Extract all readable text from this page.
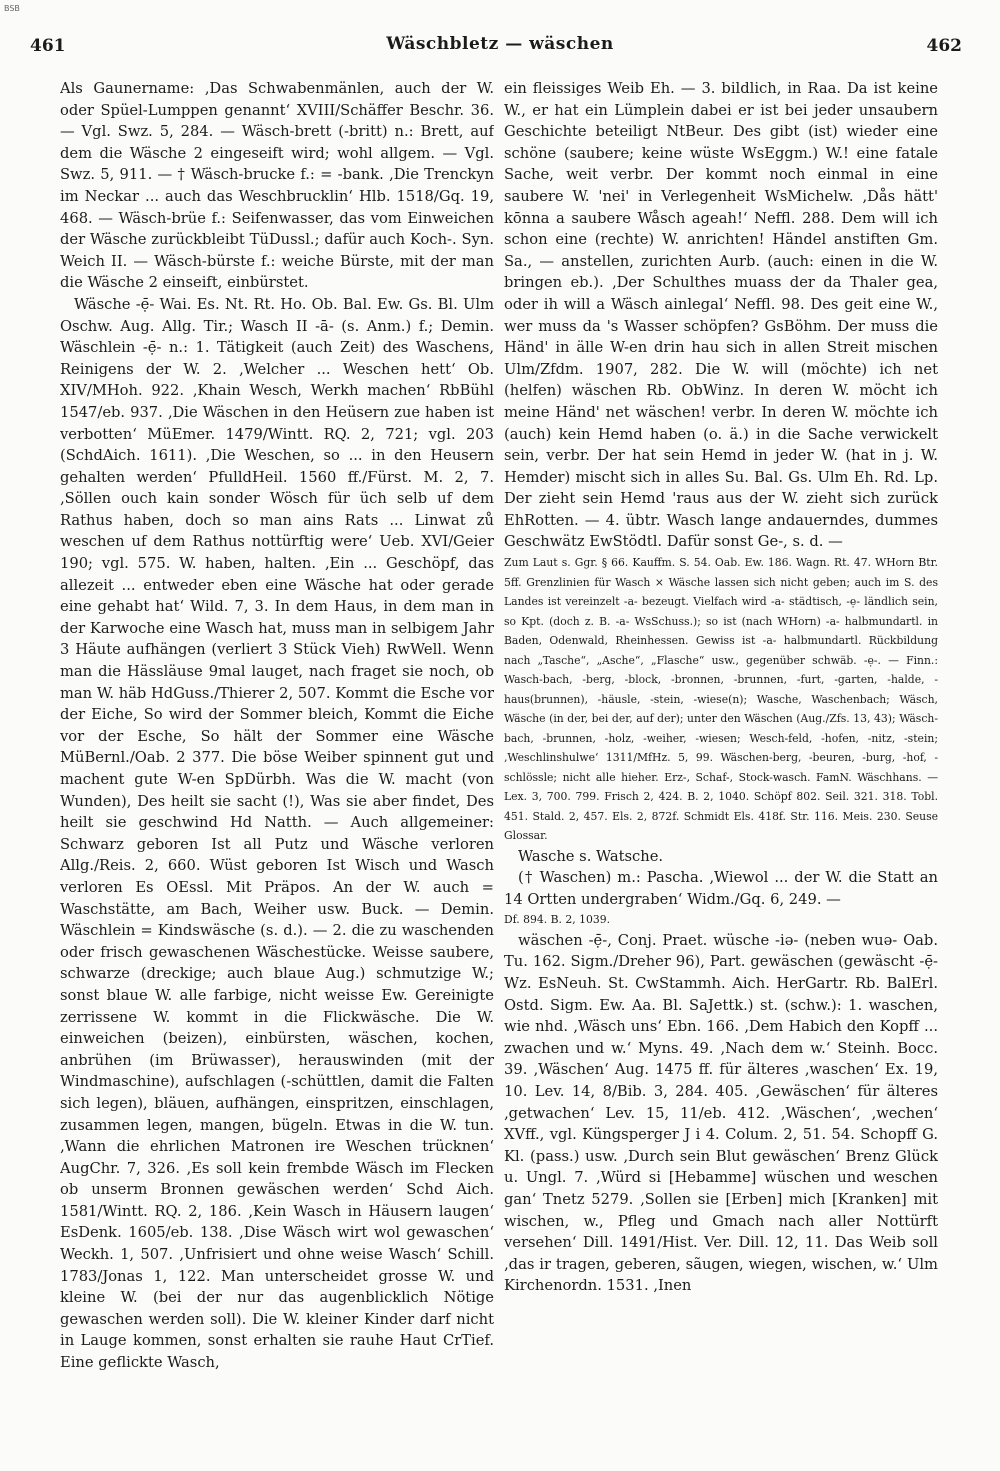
BSB
461	Wäschbletz — wäschen	462

Als Gaunername: ‚Das Schwabenmänlen, auch der W. oder Spüel-Lumppen genannt‘ XVIII/Schäffer Beschr. 36. — Vgl. Swz. 5, 284. — Wäsch-brett (-britt) n.: Brett, auf dem die Wäsche 2 eingeseift wird; wohl allgem. — Vgl. Swz. 5, 911. — † Wäsch-brucke f.: = -bank. ‚Die Trenckyn im Neckar ... auch das Weschbrucklin‘ Hlb. 1518/Gq. 19, 468. — Wäsch-brüe f.: Seifenwasser, das vom Einweichen der Wäsche zurückbleibt TüDussl.; dafür auch Koch-. Syn. Weich II. — Wäsch-bürste f.: weiche Bürste, mit der man die Wäsche 2 einseift, einbürstet.

Wäsche -ẹ̄- Wai. Es. Nt. Rt. Ho. Ob. Bal. Ew. Gs. Bl. Ulm Oschw. Aug. Allg. Tir.; Wasch II -ā- (s. Anm.) f.; Demin. Wäschlein -ẹ̄- n.: 1. Tätigkeit (auch Zeit) des Waschens, Reinigens der W. 2. ‚Welcher ... Weschen hett‘ Ob. XIV/MHoh. 922. ‚Khain Wesch, Werkh machen‘ RbBühl 1547/eb. 937. ‚Die Wäschen in den Heüsern zue haben ist verbotten‘ MüEmer. 1479/Wintt. RQ. 2, 721; vgl. 203 (SchdAich. 1611). ‚Die Weschen, so ... in den Heusern gehalten werden‘ PfulldHeil. 1560 ff./Fürst. M. 2, 7. ‚Söllen ouch kain sonder Wösch für üch selb uf dem Rathus haben, doch so man ains Rats ... Linwat zů weschen uf dem Rathus nottürftig were‘ Ueb. XVI/Geier 190; vgl. 575. W. haben, halten. ‚Ein ... Geschöpf, das allezeit ... entweder eben eine Wäsche hat oder gerade eine gehabt hat‘ Wild. 7, 3. In dem Haus, in dem man in der Karwoche eine Wasch hat, muss man in selbigem Jahr 3 Häute aufhängen (verliert 3 Stück Vieh) RwWell. Wenn man die Hässläuse 9mal lauget, nach fraget sie noch, ob man W. häb HdGuss./Thierer 2, 507. Kommt die Esche vor der Eiche, So wird der Sommer bleich, Kommt die Eiche vor der Esche, So hält der Sommer eine Wäsche MüBernl./Oab. 2 377. Die böse Weiber spinnent gut und machent gute W-en SpDürbh. Was die W. macht (von Wunden), Des heilt sie sacht (!), Was sie aber findet, Des heilt sie geschwind Hd Natth. — Auch allgemeiner: Schwarz geboren Ist all Putz und Wäsche verloren Allg./Reis. 2, 660. Wüst geboren Ist Wisch und Wasch verloren Es OEssl. Mit Präpos. An der W. auch = Waschstätte, am Bach, Weiher usw. Buck. — Demin. Wäschlein = Kindswäsche (s. d.). — 2. die zu waschenden oder frisch gewaschenen Wäschestücke. Weisse saubere, schwarze (dreckige; auch blaue Aug.) schmutzige W.; sonst blaue W. alle farbige, nicht weisse Ew. Gereinigte zerrissene W. kommt in die Flickwäsche. Die W. einweichen (beizen), einbürsten, wäschen, kochen, anbrühen (im Brüwasser), herauswinden (mit der Windmaschine), aufschlagen (-schüttlen, damit die Falten sich legen), bläuen, aufhängen, einspritzen, einschlagen, zusammen legen, mangen, bügeln. Etwas in die W. tun. ‚Wann die ehrlichen Matronen ire Weschen trücknen‘ AugChr. 7, 326. ‚Es soll kein frembde Wäsch im Flecken ob unserm Bronnen gewäschen werden‘ Schd Aich. 1581/Wintt. RQ. 2, 186. ‚Kein Wasch in Häusern laugen‘ EsDenk. 1605/eb. 138. ‚Dise Wäsch wirt wol gewaschen‘ Weckh. 1, 507. ‚Unfrisiert und ohne weise Wasch‘ Schill. 1783/Jonas 1, 122. Man unterscheidet grosse W. und kleine W. (bei der nur das augenblicklich Nötige gewaschen werden soll). Die W. kleiner Kinder darf nicht in Lauge kommen, sonst erhalten sie rauhe Haut CrTief. Eine geflickte Wasch,

ein fleissiges Weib Eh. — 3. bildlich, in Raa. Da ist keine W., er hat ein Lümplein dabei er ist bei jeder unsaubern Geschichte beteiligt NtBeur. Des gibt (ist) wieder eine schöne (saubere; keine wüste WsEggm.) W.! eine fatale Sache, weit verbr. Der kommt noch einmal in eine saubere W. 'nei' in Verlegenheit WsMichelw. ‚Dås hätt' kōnna a saubere Wåsch ageah!‘ Neffl. 288. Dem will ich schon eine (rechte) W. anrichten! Händel anstiften Gm. Sa., — anstellen, zurichten Aurb. (auch: einen in die W. bringen eb.). ‚Der Schulthes muass der da Thaler gea, oder ih will a Wäsch ainlegal‘ Neffl. 98. Des geit eine W., wer muss da 's Wasser schöpfen? GsBöhm. Der muss die Händ' in älle W-en drin hau sich in allen Streit mischen Ulm/Zfdm. 1907, 282. Die W. will (möchte) ich net (helfen) wäschen Rb. ObWinz. In deren W. möcht ich meine Händ' net wäschen! verbr. In deren W. möchte ich (auch) kein Hemd haben (o. ä.) in die Sache verwickelt sein, verbr. Der hat sein Hemd in jeder W. (hat in j. W. Hemder) mischt sich in alles Su. Bal. Gs. Ulm Eh. Rd. Lp. Der zieht sein Hemd 'raus aus der W. zieht sich zurück EhRotten. — 4. übtr. Wasch lange andauerndes, dummes Geschwätz EwStödtl. Dafür sonst Ge-, s. d. —

Zum Laut s. Ggr. § 66. Kauffm. S. 54. Oab. Ew. 186. Wagn. Rt. 47. WHorn Btr. 5ff. Grenzlinien für Wasch × Wäsche lassen sich nicht geben; auch im S. des Landes ist vereinzelt -a- bezeugt. Vielfach wird -a- städtisch, -ẹ- ländlich sein, so Kpt. (doch z. B. -a- WsSchuss.); so ist (nach WHorn) -a- halbmundartl. in Baden, Odenwald, Rheinhessen. Gewiss ist -a- halbmundartl. Rückbildung nach „Tasche“, „Asche“, „Flasche“ usw., gegenüber schwäb. -ẹ-. — Finn.: Wasch-bach, -berg, -block, -bronnen, -brunnen, -furt, -garten, -halde, -haus(brunnen), -häusle, -stein, -wiese(n); Wasche, Waschenbach; Wäsch, Wäsche (in der, bei der, auf der); unter den Wäschen (Aug./Zfs. 13, 43); Wäsch-bach, -brunnen, -holz, -weiher, -wiesen; Wesch-feld, -hofen, -nitz, -stein; ‚Weschlinshulwe‘ 1311/MfHz. 5, 99. Wäschen-berg, -beuren, -burg, -hof, -schlössle; nicht alle hieher. Erz-, Schaf-, Stock-wasch. FamN. Wäschhans. — Lex. 3, 700. 799. Frisch 2, 424. B. 2, 1040. Schöpf 802. Seil. 321. 318. Tobl. 451. Stald. 2, 457. Els. 2, 872f. Schmidt Els. 418f. Str. 116. Meis. 230. Seuse Glossar.

Wasche s. Watsche.

(† Waschen) m.: Pascha. ‚Wiewol ... der W. die Statt an 14 Ortten undergraben‘ Widm./Gq. 6, 249. —

Df. 894. B. 2, 1039.

wäschen -ẹ̄-, Conj. Praet. wüsche -iə- (neben wuə- Oab. Tu. 162. Sigm./Dreher 96), Part. gewäschen (gewäscht -ẹ̄- Wz. EsNeuh. St. CwStammh. Aich. HerGartr. Rb. BalErl. Ostd. Sigm. Ew. Aa. Bl. SaJettk.) st. (schw.): 1. waschen, wie nhd. ‚Wäsch uns‘ Ebn. 166. ‚Dem Habich den Kopff ... zwachen und w.‘ Myns. 49. ‚Nach dem w.‘ Steinh. Bocc. 39. ‚Wäschen‘ Aug. 1475 ff. für älteres ‚waschen‘ Ex. 19, 10. Lev. 14, 8/Bib. 3, 284. 405. ‚Gewäschen‘ für älteres ‚getwachen‘ Lev. 15, 11/eb. 412. ‚Wäschen‘, ‚wechen‘ XVff., vgl. Küngsperger J i 4. Colum. 2, 51. 54. Schopff G. Kl. (pass.) usw. ‚Durch sein Blut gewäschen‘ Brenz Glück u. Ungl. 7. ‚Würd si [Hebamme] wüschen und weschen gan‘ Tnetz 5279. ‚Sollen sie [Erben] mich [Kranken] mit wischen, w., Pfleg und Gmach nach aller Nottürft versehen‘ Dill. 1491/Hist. Ver. Dill. 12, 11. Das Weib soll ‚das ir tragen, geberen, sãugen, wiegen, wischen, w.‘ Ulm Kirchenordn. 1531. ‚Inen
